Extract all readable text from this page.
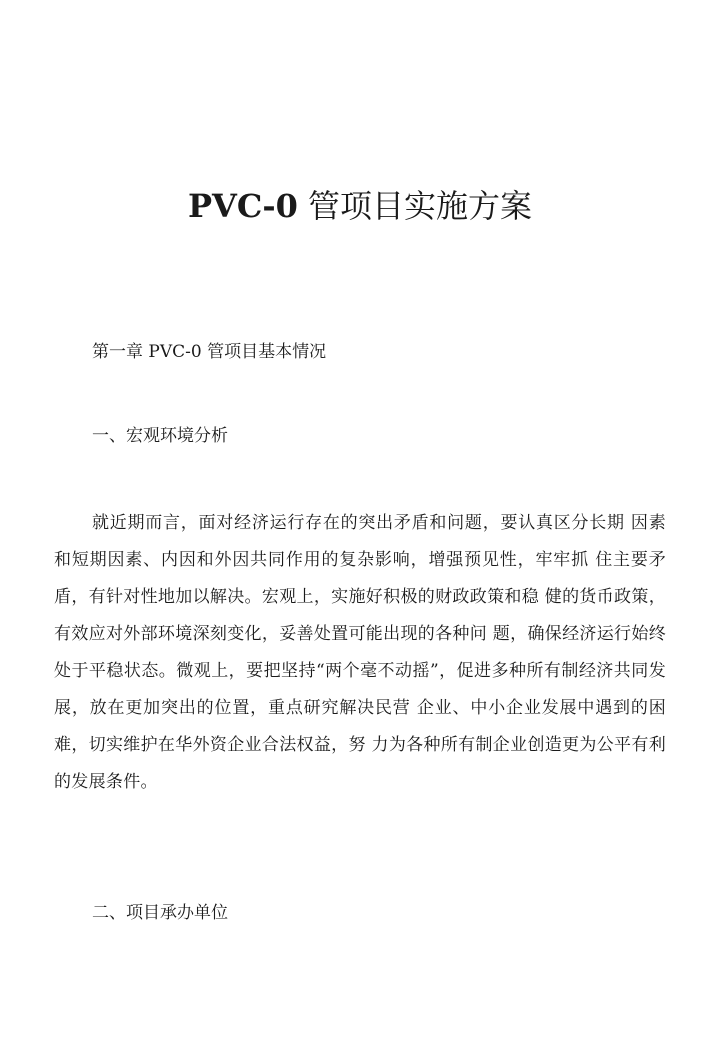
PVC-0 管项目实施方案

第一章 PVC-0 管项目基本情况

一、宏观环境分析

就近期而言，面对经济运行存在的突出矛盾和问题，要认真区分长期 因素和短期因素、内因和外因共同作用的复杂影响，增强预见性，牢牢抓 住主要矛盾，有针对性地加以解决。宏观上，实施好积极的财政政策和稳 健的货币政策，有效应对外部环境深刻变化，妥善处置可能出现的各种问 题，确保经济运行始终处于平稳状态。微观上，要把坚持“两个毫不动摇”，促进多种所有制经济共同发展，放在更加突出的位置，重点研究解决民营 企业、中小企业发展中遇到的困难，切实维护在华外资企业合法权益，努 力为各种所有制企业创造更为公平有利的发展条件。

二、项目承办单位
